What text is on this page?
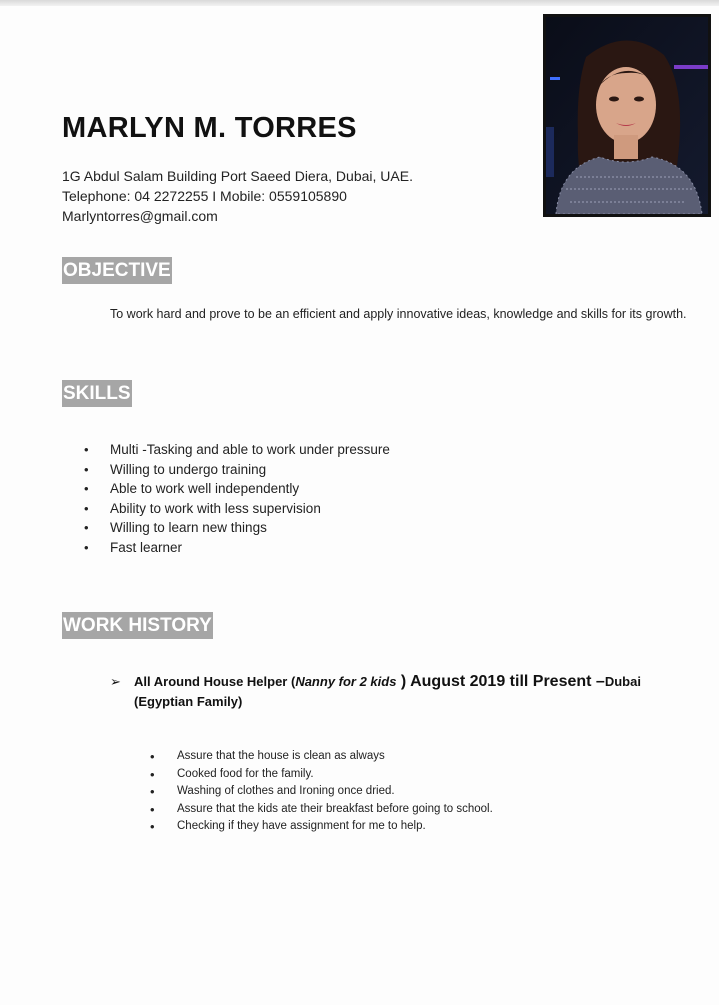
MARLYN M. TORRES
1G Abdul Salam Building Port Saeed Diera, Dubai, UAE.
Telephone: 04 2272255 I Mobile: 0559105890
Marlyntorres@gmail.com
OBJECTIVE
To work hard and prove to be an efficient and apply innovative ideas, knowledge and skills for its growth.
SKILLS
• Multi -Tasking and able to work under pressure
• Willing to undergo training
• Able to work well independently
• Ability to work with less supervision
• Willing to learn new things
• Fast learner
WORK HISTORY
➢ All Around House Helper (Nanny for 2 kids ) August 2019 till Present –Dubai
(Egyptian Family)
• Assure that the house is clean as always
• Cooked food for the family.
• Washing of clothes and Ironing once dried.
• Assure that the kids ate their breakfast before going to school.
• Checking if they have assignment for me to help.
